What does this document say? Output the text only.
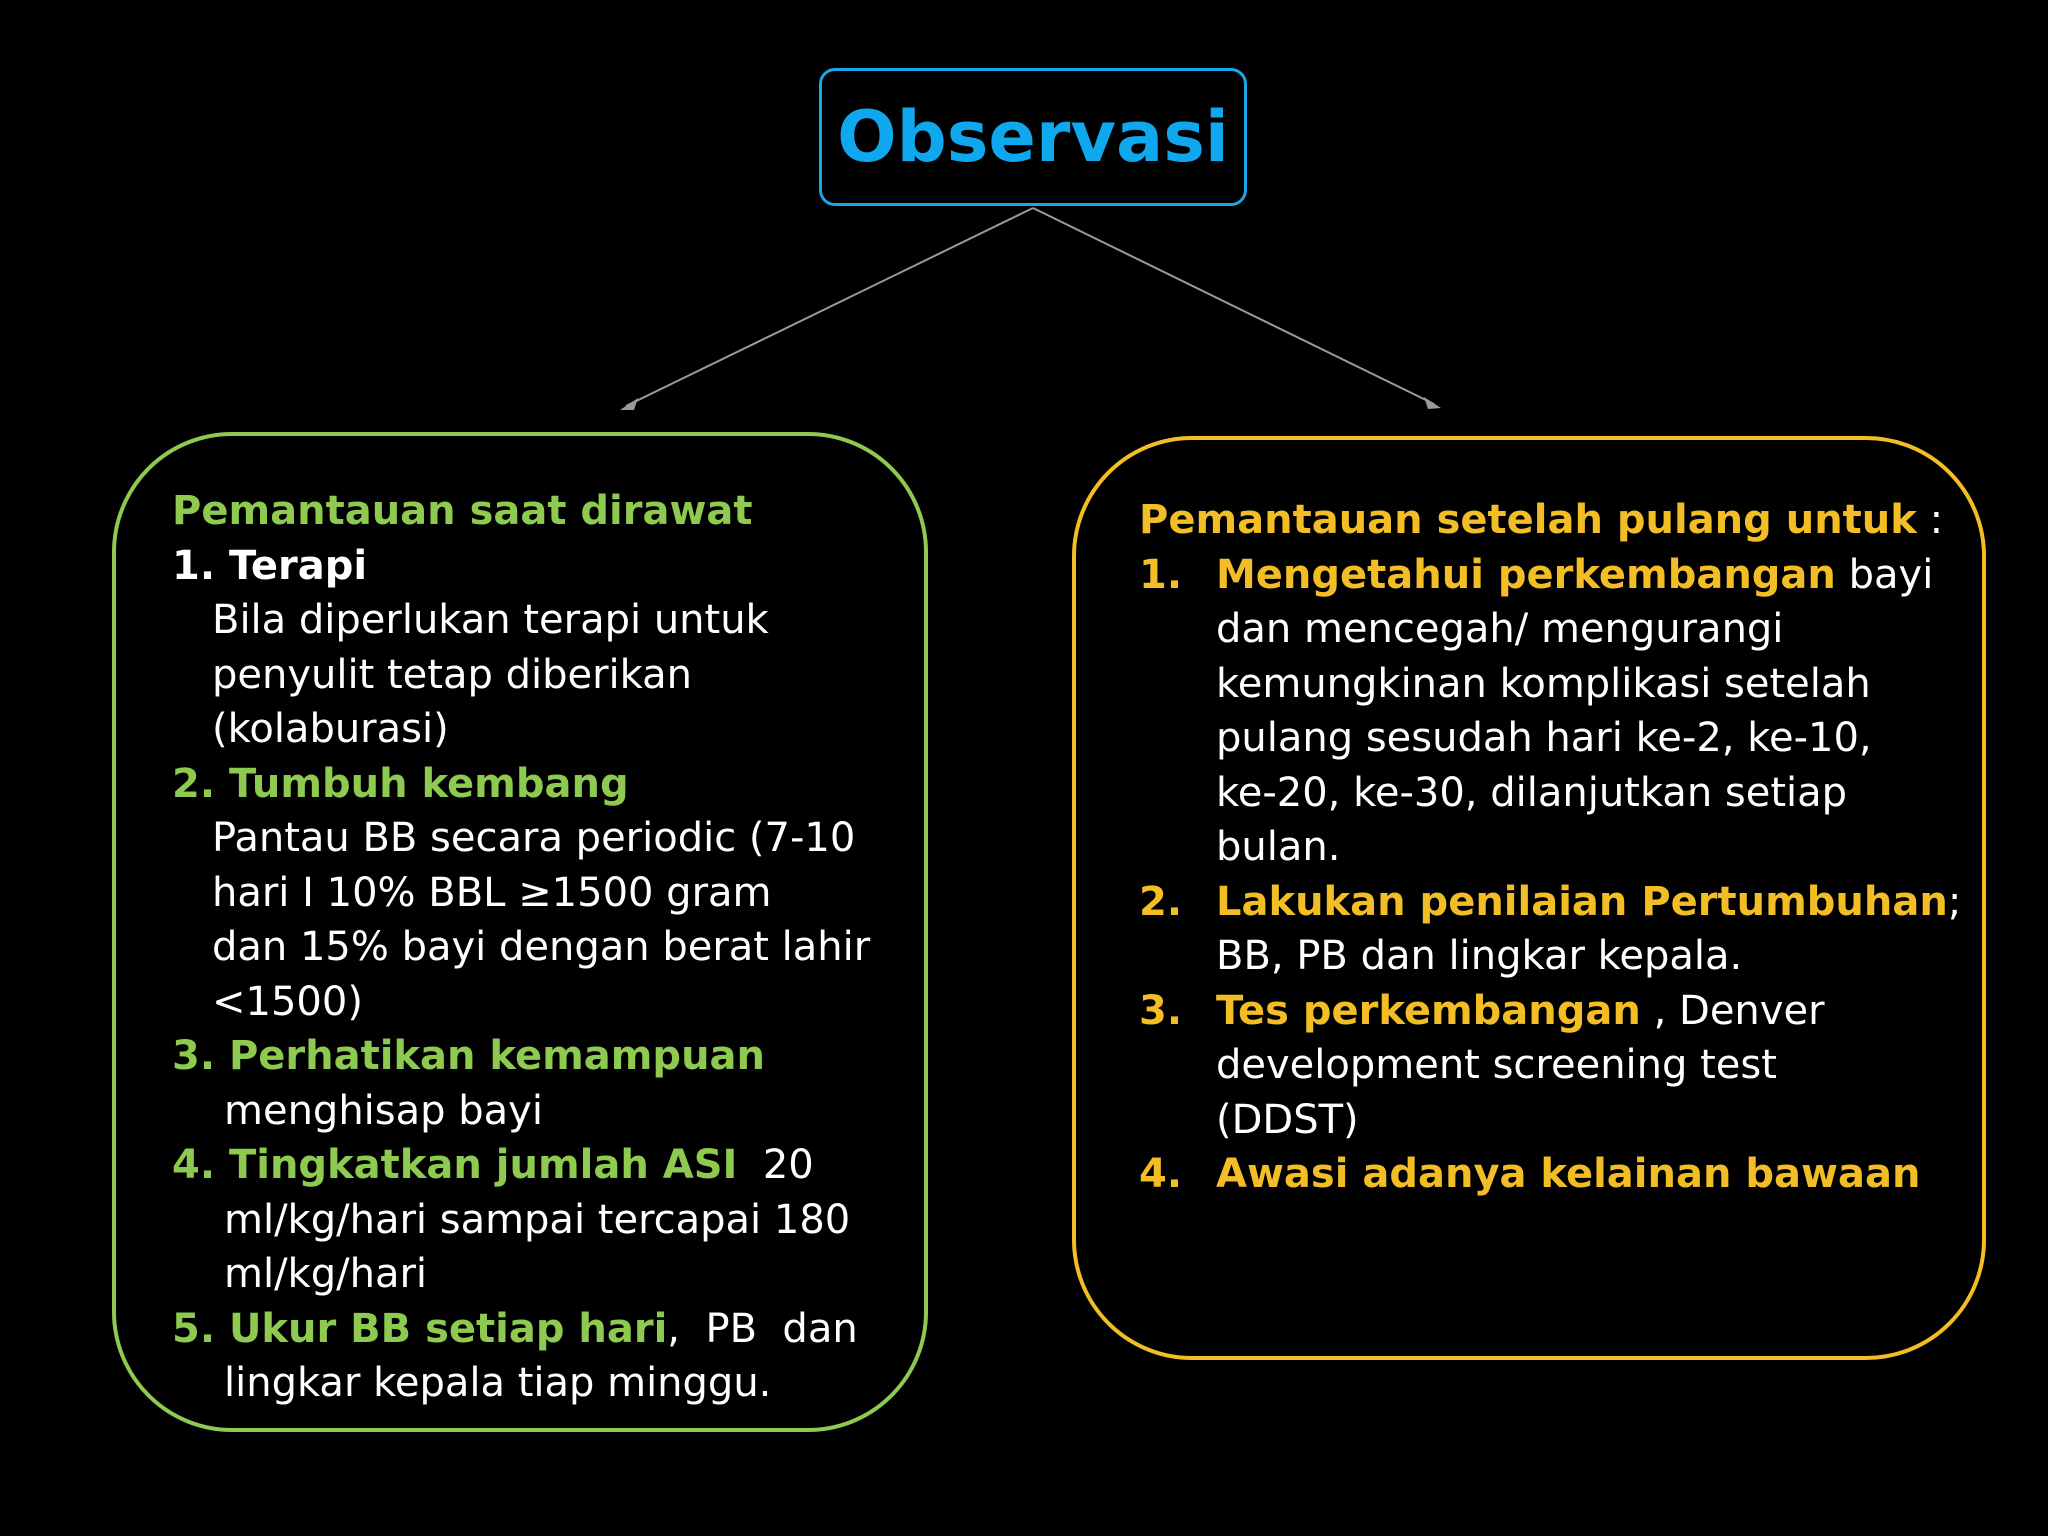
Observasi
Pemantauan saat dirawat
1. Terapi
Bila diperlukan terapi untuk
penyulit tetap diberikan
(kolaburasi)
2. Tumbuh kembang
Pantau BB secara periodic (7-10
hari I 10% BBL ≥1500 gram
dan 15% bayi dengan berat lahir
<1500)
3. Perhatikan kemampuan
menghisap bayi
4. Tingkatkan jumlah ASI  20
ml/kg/hari sampai tercapai 180
ml/kg/hari
5. Ukur BB setiap hari,  PB  dan
lingkar kepala tiap minggu.
Pemantauan setelah pulang untuk :
1. Mengetahui perkembangan bayi
dan mencegah/ mengurangi
kemungkinan komplikasi setelah
pulang sesudah hari ke-2, ke-10,
ke-20, ke-30, dilanjutkan setiap
bulan.
2. Lakukan penilaian Pertumbuhan;
BB, PB dan lingkar kepala.
3. Tes perkembangan , Denver
development screening test
(DDST)
4. Awasi adanya kelainan bawaan
